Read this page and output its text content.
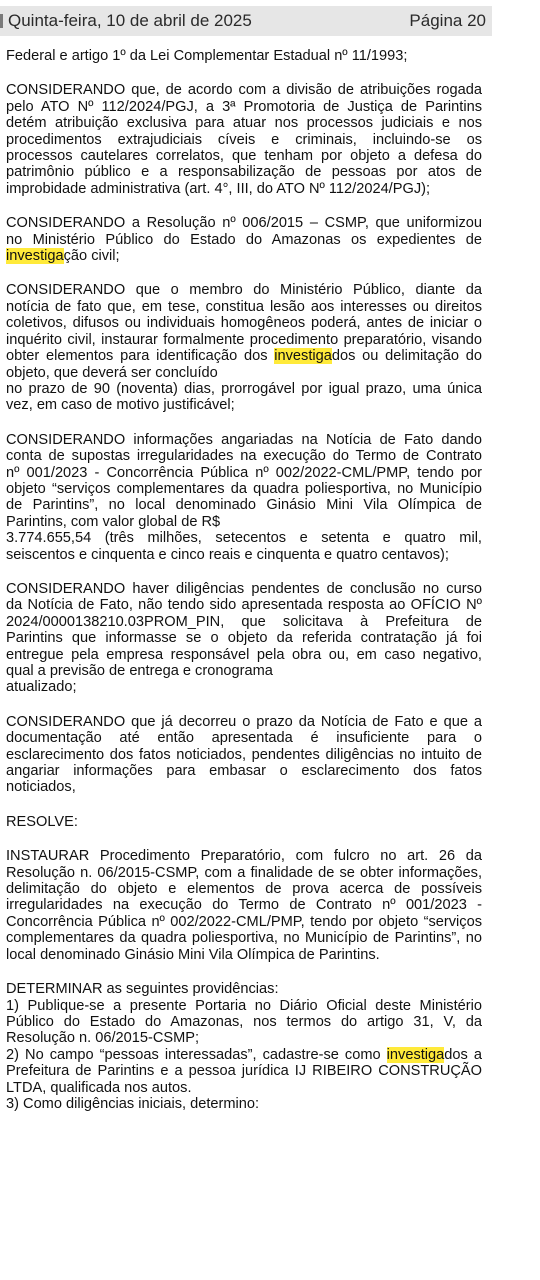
Quinta-feira, 10 de abril de 2025	Página 20
Federal e artigo 1º da Lei Complementar Estadual nº 11/1993;
CONSIDERANDO que, de acordo com a divisão de atribuições rogada
pelo ATO Nº 112/2024/PGJ, a 3ª Promotoria de Justiça de Parintins
detém atribuição exclusiva para atuar nos processos judiciais e nos
procedimentos extrajudiciais cíveis e criminais, incluindo-se os
processos cautelares correlatos, que tenham por objeto a defesa do
patrimônio público e a responsabilização de pessoas por atos de
improbidade administrativa (art. 4°, III, do ATO Nº 112/2024/PGJ);
CONSIDERANDO a Resolução nº 006/2015 – CSMP, que uniformizou
no Ministério Público do Estado do Amazonas os expedientes de
investigação civil;
CONSIDERANDO que o membro do Ministério Público, diante da
notícia de fato que, em tese, constitua lesão aos interesses ou direitos
coletivos, difusos ou individuais homogêneos poderá, antes de iniciar o
inquérito civil, instaurar formalmente procedimento preparatório, visando
obter elementos para identificação dos investigados ou delimitação do
objeto, que deverá ser concluído
no prazo de 90 (noventa) dias, prorrogável por igual prazo, uma única
vez, em caso de motivo justificável;
CONSIDERANDO informações angariadas na Notícia de Fato dando
conta de supostas irregularidades na execução do Termo de Contrato
nº 001/2023 - Concorrência Pública nº 002/2022-CML/PMP, tendo por
objeto “serviços complementares da quadra poliesportiva, no Município
de Parintins”, no local denominado Ginásio Mini Vila Olímpica de
Parintins, com valor global de R$
3.774.655,54 (três milhões, setecentos e setenta e quatro mil,
seiscentos e cinquenta e cinco reais e cinquenta e quatro centavos);
CONSIDERANDO haver diligências pendentes de conclusão no curso
da Notícia de Fato, não tendo sido apresentada resposta ao OFÍCIO Nº
2024/0000138210.03PROM_PIN, que solicitava à Prefeitura de
Parintins que informasse se o objeto da referida contratação já foi
entregue pela empresa responsável pela obra ou, em caso negativo,
qual a previsão de entrega e cronograma
atualizado;
CONSIDERANDO que já decorreu o prazo da Notícia de Fato e que a
documentação até então apresentada é insuficiente para o
esclarecimento dos fatos noticiados, pendentes diligências no intuito de
angariar informações para embasar o esclarecimento dos fatos
noticiados,
RESOLVE:
INSTAURAR Procedimento Preparatório, com fulcro no art. 26 da
Resolução n. 06/2015-CSMP, com a finalidade de se obter informações,
delimitação do objeto e elementos de prova acerca de possíveis
irregularidades na execução do Termo de Contrato nº 001/2023 -
Concorrência Pública nº 002/2022-CML/PMP, tendo por objeto “serviços
complementares da quadra poliesportiva, no Município de Parintins”, no
local denominado Ginásio Mini Vila Olímpica de Parintins.
DETERMINAR as seguintes providências:
1) Publique-se a presente Portaria no Diário Oficial deste Ministério
Público do Estado do Amazonas, nos termos do artigo 31, V, da
Resolução n. 06/2015-CSMP;
2) No campo “pessoas interessadas”, cadastre-se como investigados a
Prefeitura de Parintins e a pessoa jurídica IJ RIBEIRO CONSTRUÇÃO
LTDA, qualificada nos autos.
3) Como diligências iniciais, determino:
